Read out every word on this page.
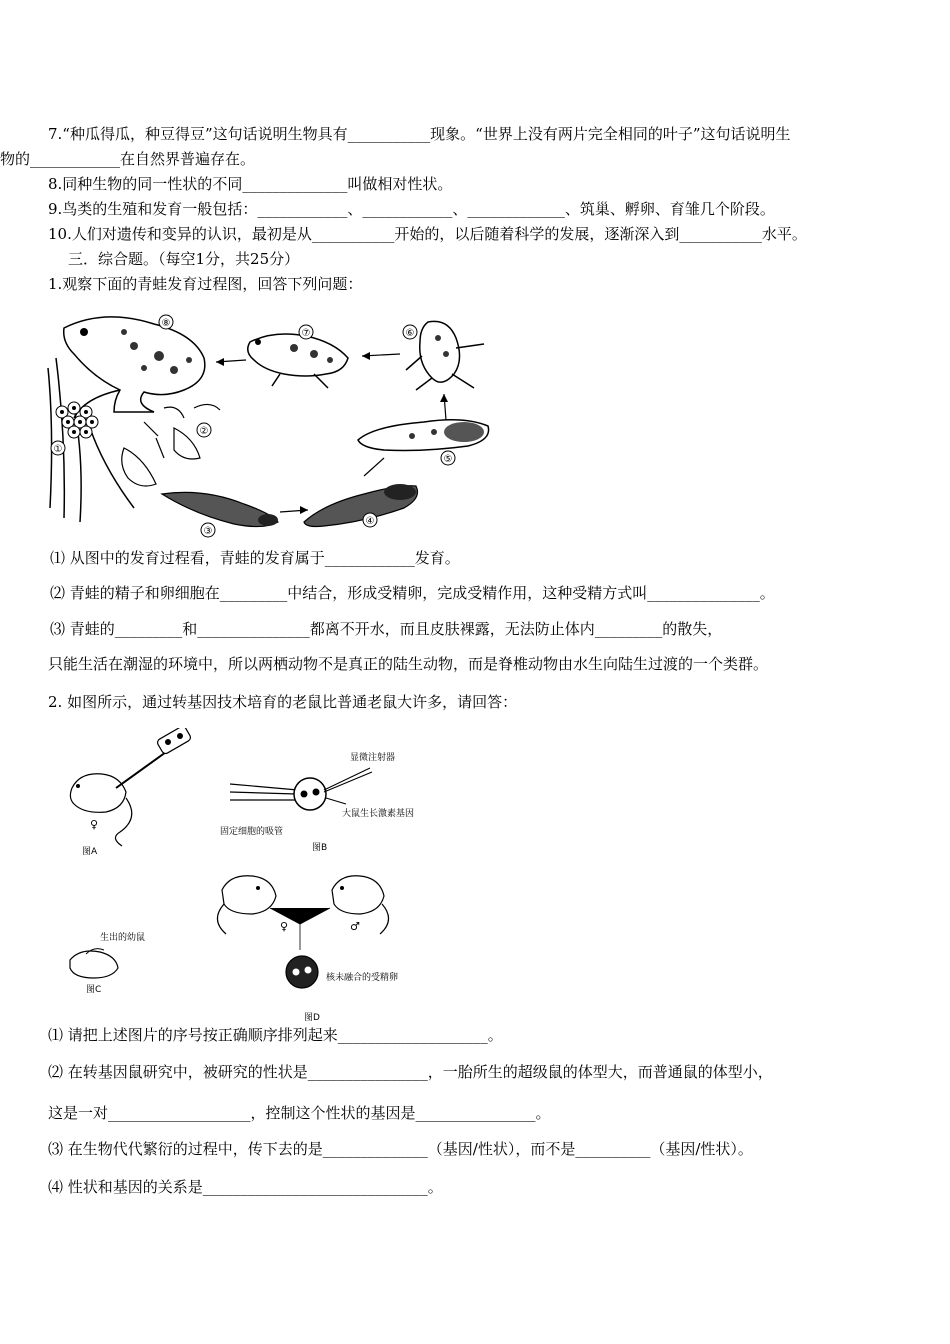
7.“种瓜得瓜，种豆得豆”这句话说明生物具有___________现象。“世界上没有两片完全相同的叶子”这句话说明生
物的____________在自然界普遍存在。
8.同种生物的同一性状的不同______________叫做相对性状。
9.鸟类的生殖和发育一般包括：____________、____________、_____________、筑巢、孵卵、育雏几个阶段。
10.人们对遗传和变异的认识，最初是从___________开始的，以后随着科学的发展，逐渐深入到___________水平。
三．综合题。（每空1分，共25分）
1.观察下面的青蛙发育过程图，回答下列问题：
⑧
⑦	⑥
⑤
④
③
①
②
⑴ 从图中的发育过程看，青蛙的发育属于____________发育。
⑵ 青蛙的精子和卵细胞在_________中结合，形成受精卵，完成受精作用，这种受精方式叫_______________。
⑶ 青蛙的_________和_______________都离不开水，而且皮肤裸露，无法防止体内_________的散失，
只能生活在潮湿的环境中，所以两栖动物不是真正的陆生动物，而是脊椎动物由水生向陆生过渡的一个类群。
2. 如图所示，通过转基因技术培育的老鼠比普通老鼠大许多，请回答：
♀
图A
显微注射器
大鼠生长激素基因
固定细胞的吸管
图B
♀	♂
核未融合的受精卵
图D
生出的幼鼠
图C
⑴ 请把上述图片的序号按正确顺序排列起来____________________。
⑵ 在转基因鼠研究中，被研究的性状是________________，一胎所生的超级鼠的体型大，而普通鼠的体型小，
这是一对___________________，控制这个性状的基因是________________。
⑶ 在生物代代繁衍的过程中，传下去的是______________（基因/性状），而不是__________（基因/性状）。
⑷ 性状和基因的关系是______________________________。
